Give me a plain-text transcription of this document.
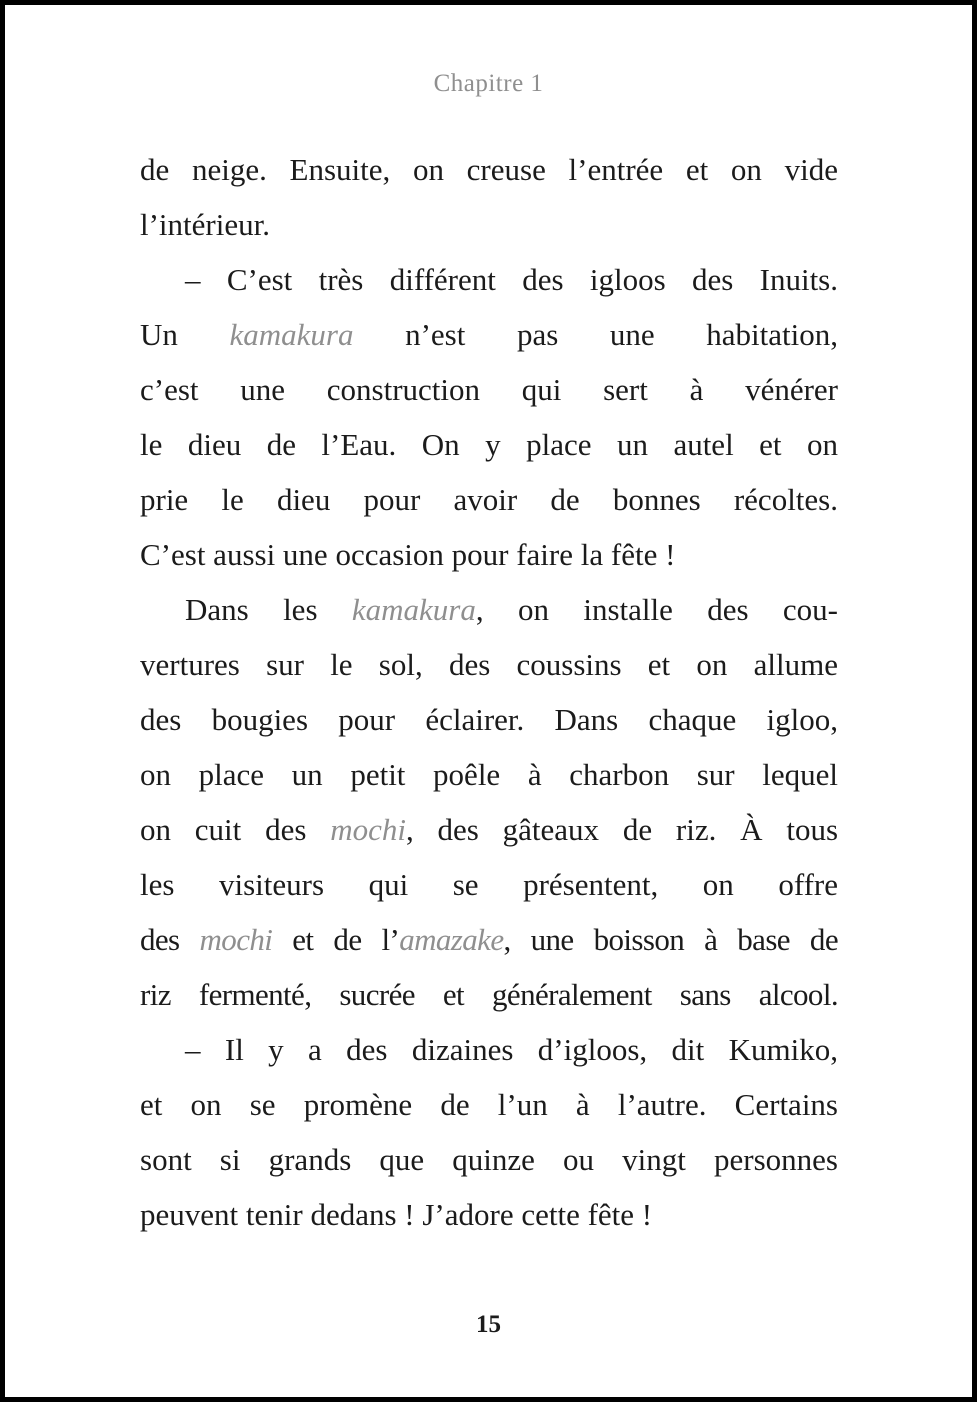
Chapitre 1
de neige. Ensuite, on creuse l’entrée et on vide
l’intérieur.
– C’est très différent des igloos des Inuits.
Un kamakura n’est pas une habitation,
c’est une construction qui sert à vénérer
le dieu de l’Eau. On y place un autel et on
prie le dieu pour avoir de bonnes récoltes.
C’est aussi une occasion pour faire la fête !
Dans les kamakura, on installe des cou-
vertures sur le sol, des coussins et on allume
des bougies pour éclairer. Dans chaque igloo,
on place un petit poêle à charbon sur lequel
on cuit des mochi, des gâteaux de riz. À tous
les visiteurs qui se présentent, on offre
des mochi et de l’amazake, une boisson à base de
riz fermenté, sucrée et généralement sans alcool.
– Il y a des dizaines d’igloos, dit Kumiko,
et on se promène de l’un à l’autre. Certains
sont si grands que quinze ou vingt personnes
peuvent tenir dedans ! J’adore cette fête !
15
